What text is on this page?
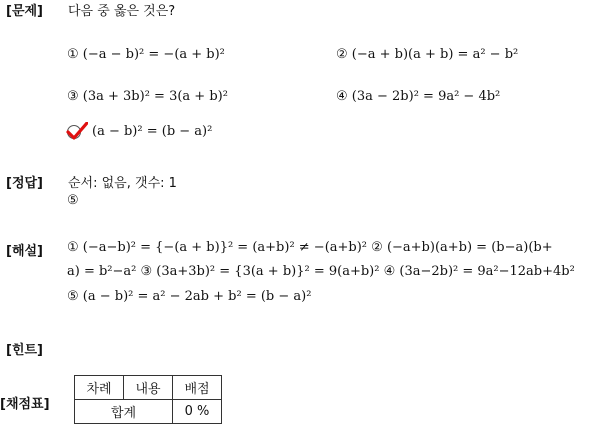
[문제]
[정답]
[해설]
[힌트]
[채점표]
다음 중 옳은 것은?
① (−a − b)² = −(a + b)²	② (−a + b)(a + b) = a² − b²
③ (3a + 3b)² = 3(a + b)²	④ (3a − 2b)² = 9a² − 4b²
(a − b)² = (b − a)²
순서: 없음, 갯수: 1
⑤
① (−a−b)² = {−(a + b)}² = (a+b)² ≠ −(a+b)² ② (−a+b)(a+b) = (b−a)(b+
a) = b²−a² ③ (3a+3b)² = {3(a + b)}² = 9(a+b)² ④ (3a−2b)² = 9a²−12ab+4b²
⑤ (a − b)² = a² − 2ab + b² = (b − a)²
차례	내용	배점
합계		0 %
